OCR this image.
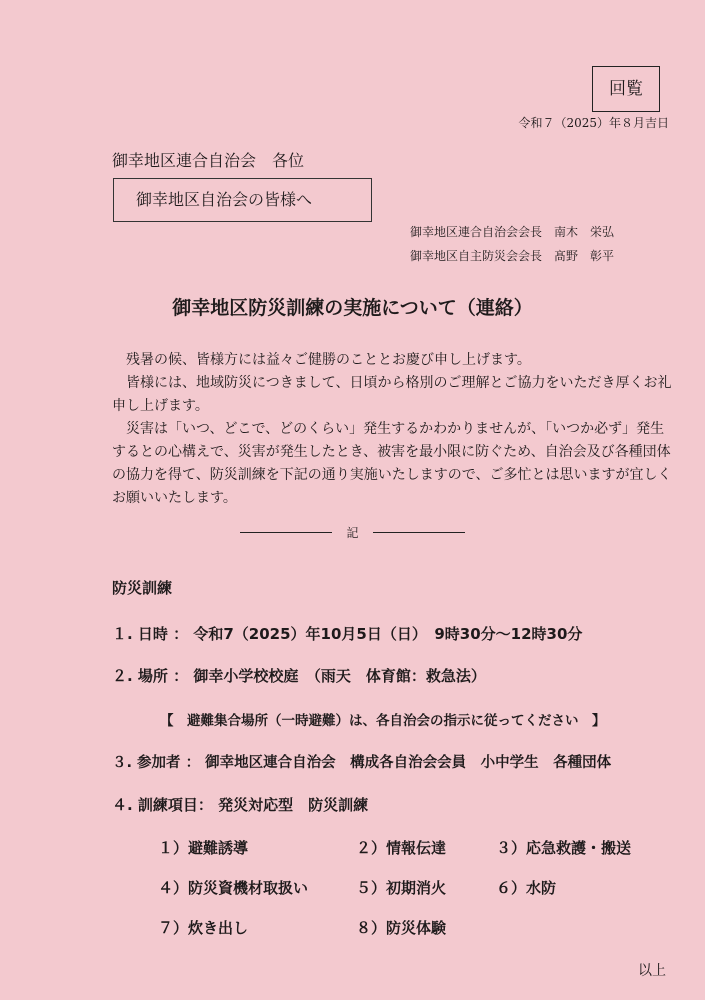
回覧
令和７（2025）年８月吉日
御幸地区連合自治会　各位
御幸地区自治会の皆様へ
御幸地区連合自治会会長　南木　栄弘
御幸地区自主防災会会長　髙野　彰平
御幸地区防災訓練の実施について（連絡）

残暑の候、皆様方には益々ご健勝のこととお慶び申し上げます。

皆様には、地域防災につきまして、日頃から格別のご理解とご協力をいただき厚くお礼申し上げます。

災害は「いつ、どこで、どのくらい」発生するかわかりませんが、「いつか必ず」発生するとの心構えで、災害が発生したとき、被害を最小限に防ぐため、自治会及び各種団体の協力を得て、防災訓練を下記の通り実施いたしますので、ご多忙とは思いますが宜しくお願いいたします。

記
防災訓練
１. 日時 ： 令和7（2025）年10月5日（日）　9時30分～12時30分
２. 場所 ： 御幸小学校校庭　（雨天　体育館：救急法）
【　避難集合場所（一時避難）は、各自治会の指示に従ってください　】
３. 参加者 ： 御幸地区連合自治会　構成各自治会会員　小中学生　各種団体
４. 訓練項目： 発災対応型　防災訓練
１）避難誘導	２）情報伝達	３）応急救護・搬送
４）防災資機材取扱い	５）初期消火	６）水防
７）炊き出し	８）防災体験
以上
